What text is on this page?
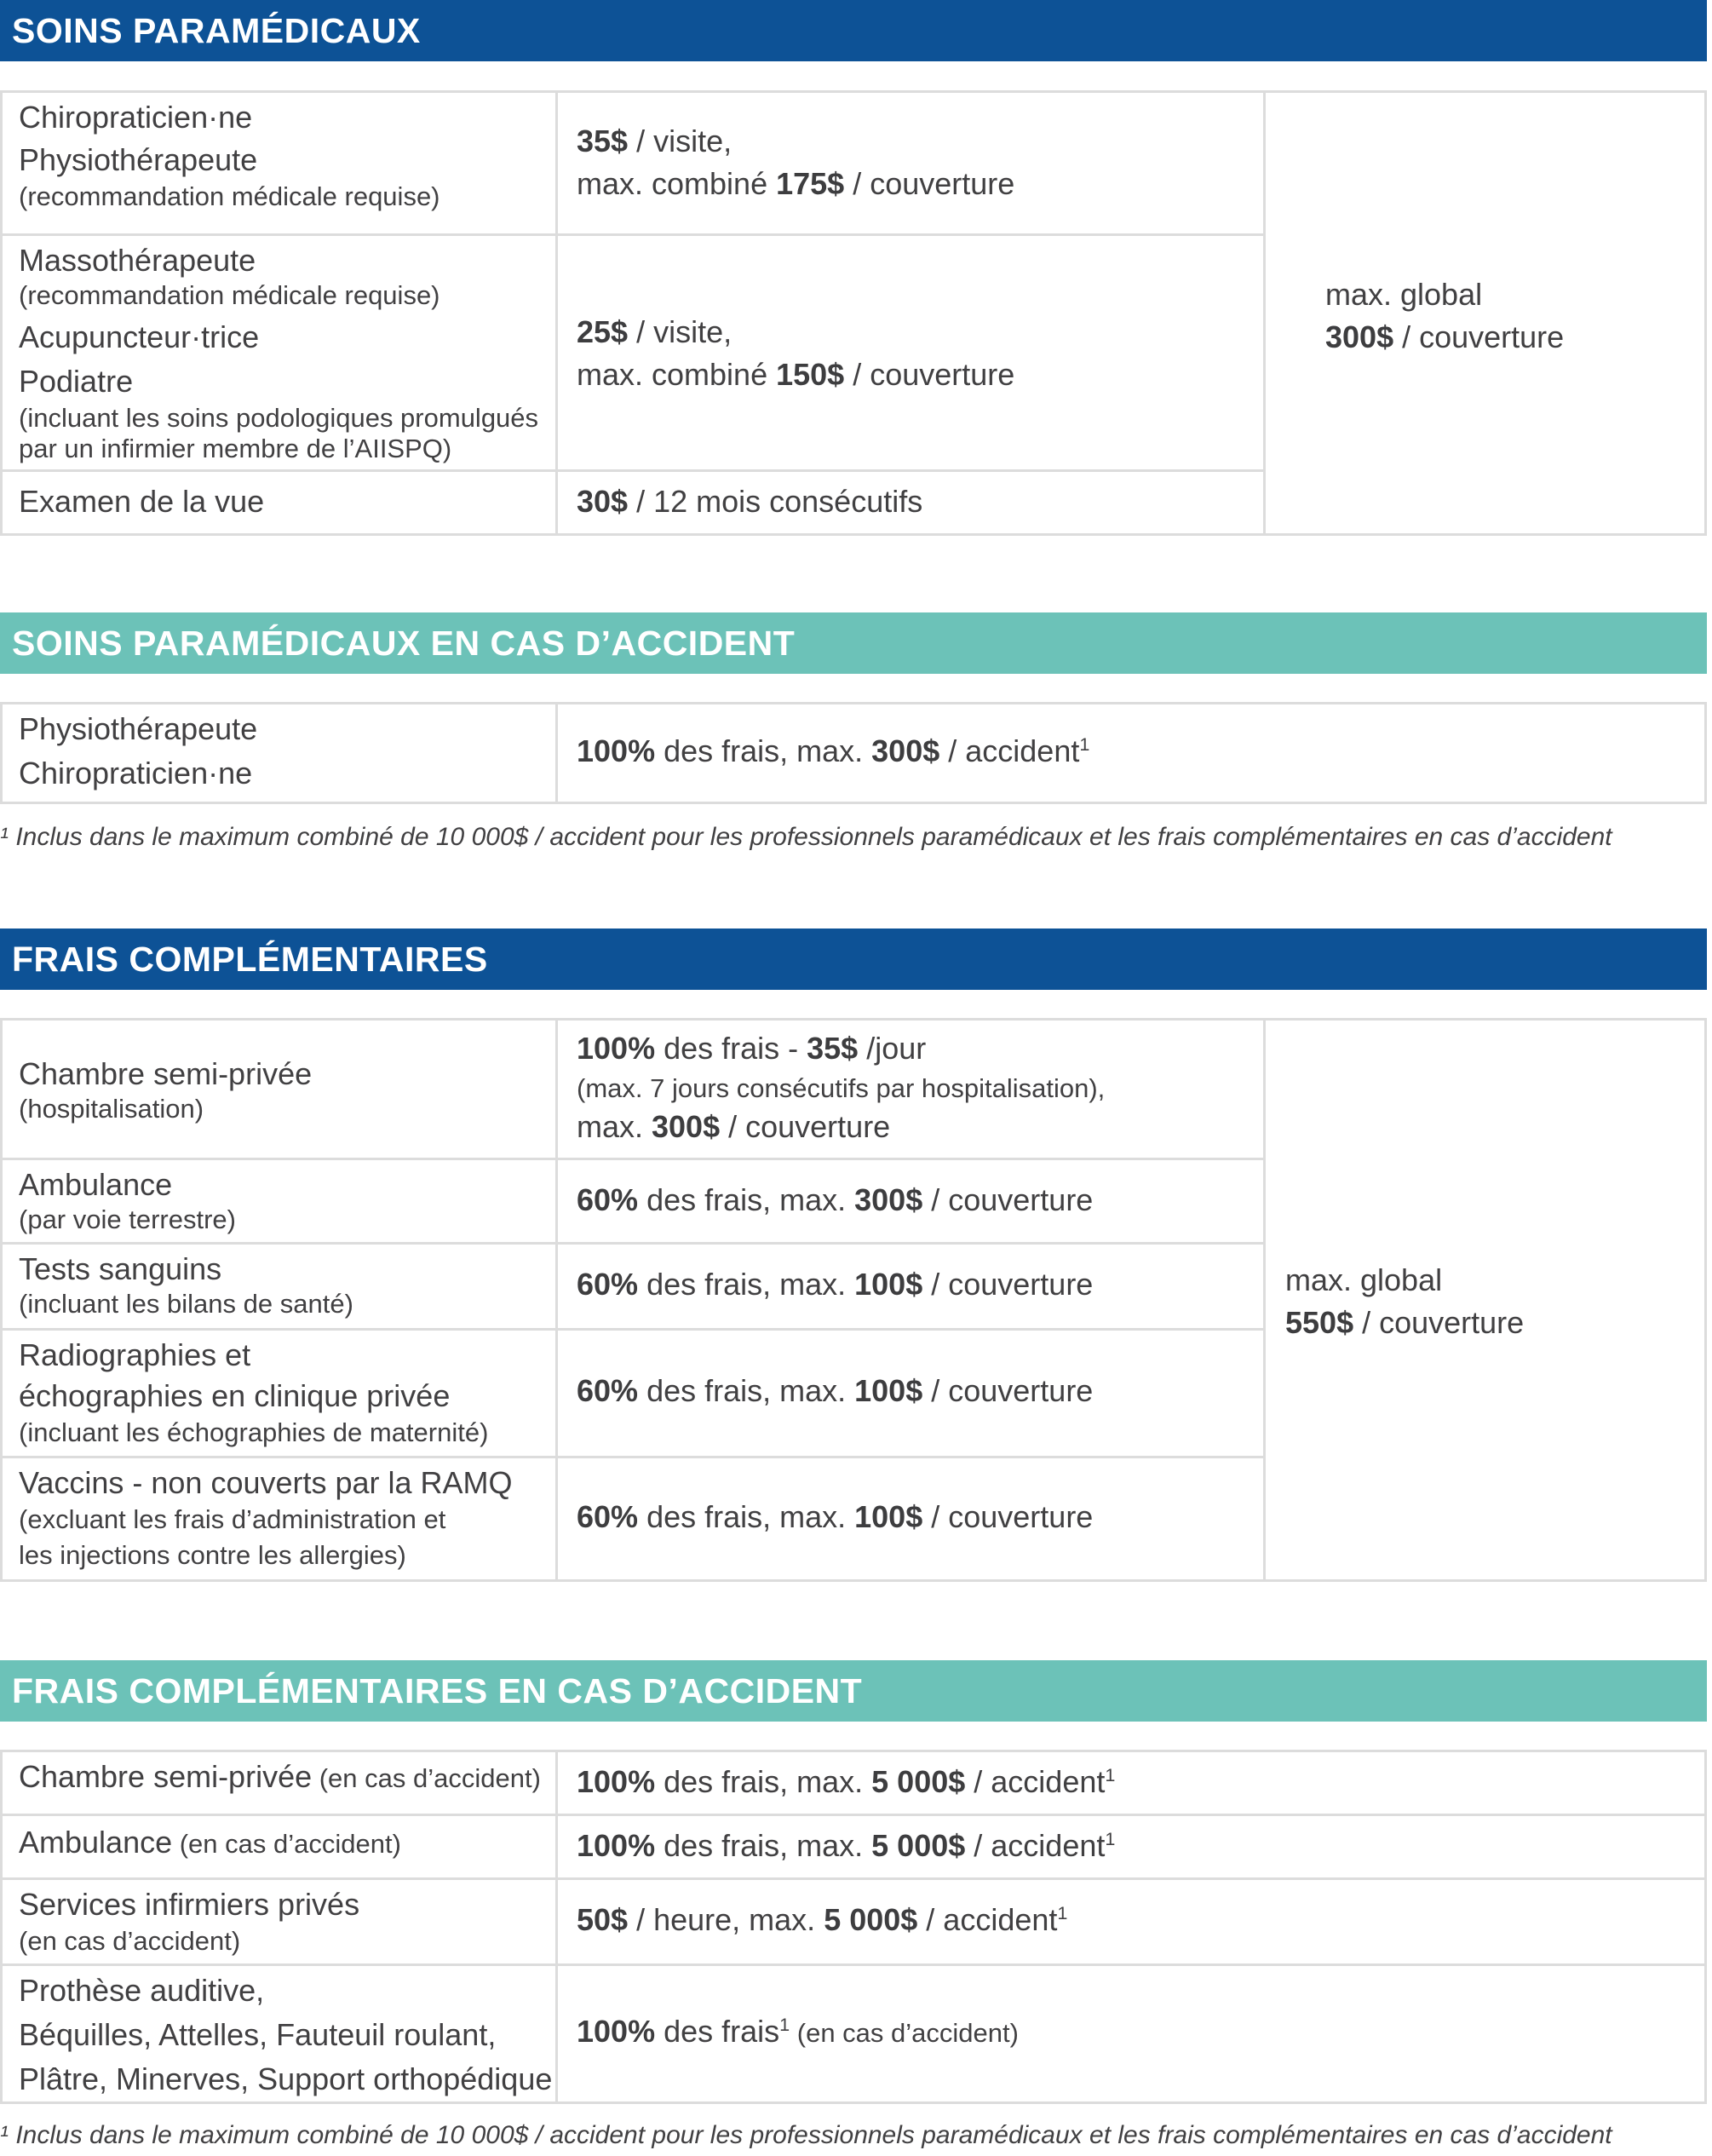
SOINS PARAMÉDICAUX
Chiropraticien·ne
Physiothérapeute
(recommandation médicale requise)
35$ / visite,
max. combiné 175$ / couverture
Massothérapeute
(recommandation médicale requise)
Acupuncteur·trice
Podiatre
(incluant les soins podologiques promulgués
par un infirmier membre de l’AIISPQ)
25$ / visite,
max. combiné 150$ / couverture
Examen de la vue	30$ / 12 mois consécutifs
max. global
300$ / couverture
SOINS PARAMÉDICAUX EN CAS D’ACCIDENT
Physiothérapeute
Chiropraticien·ne
100% des frais, max. 300$ / accident$^1$
¹ Inclus dans le maximum combiné de 10 000$ / accident pour les professionnels paramédicaux et les frais complémentaires en cas d’accident
FRAIS COMPLÉMENTAIRES
Chambre semi-privée
(hospitalisation)
100% des frais - 35$ /jour
(max. 7 jours consécutifs par hospitalisation),
max. 300$ / couverture
Ambulance
(par voie terrestre)
60% des frais, max. 300$ / couverture
Tests sanguins
(incluant les bilans de santé)
60% des frais, max. 100$ / couverture
Radiographies et
échographies en clinique privée
(incluant les échographies de maternité)
60% des frais, max. 100$ / couverture
Vaccins - non couverts par la RAMQ
(excluant les frais d’administration et
les injections contre les allergies)
60% des frais, max. 100$ / couverture
max. global
550$ / couverture
FRAIS COMPLÉMENTAIRES EN CAS D’ACCIDENT
Chambre semi-privée (en cas d’accident) 100% des frais, max. 5 000$ / accident$^1$
Ambulance (en cas d’accident)	100% des frais, max. 5 000$ / accident$^1$
Services infirmiers privés
(en cas d’accident)
50$ / heure, max. 5 000$ / accident$^1$
Prothèse auditive,
Béquilles, Attelles, Fauteuil roulant,
Plâtre, Minerves, Support orthopédique
100% des frais$^1$ (en cas d’accident)
¹ Inclus dans le maximum combiné de 10 000$ / accident pour les professionnels paramédicaux et les frais complémentaires en cas d’accident
